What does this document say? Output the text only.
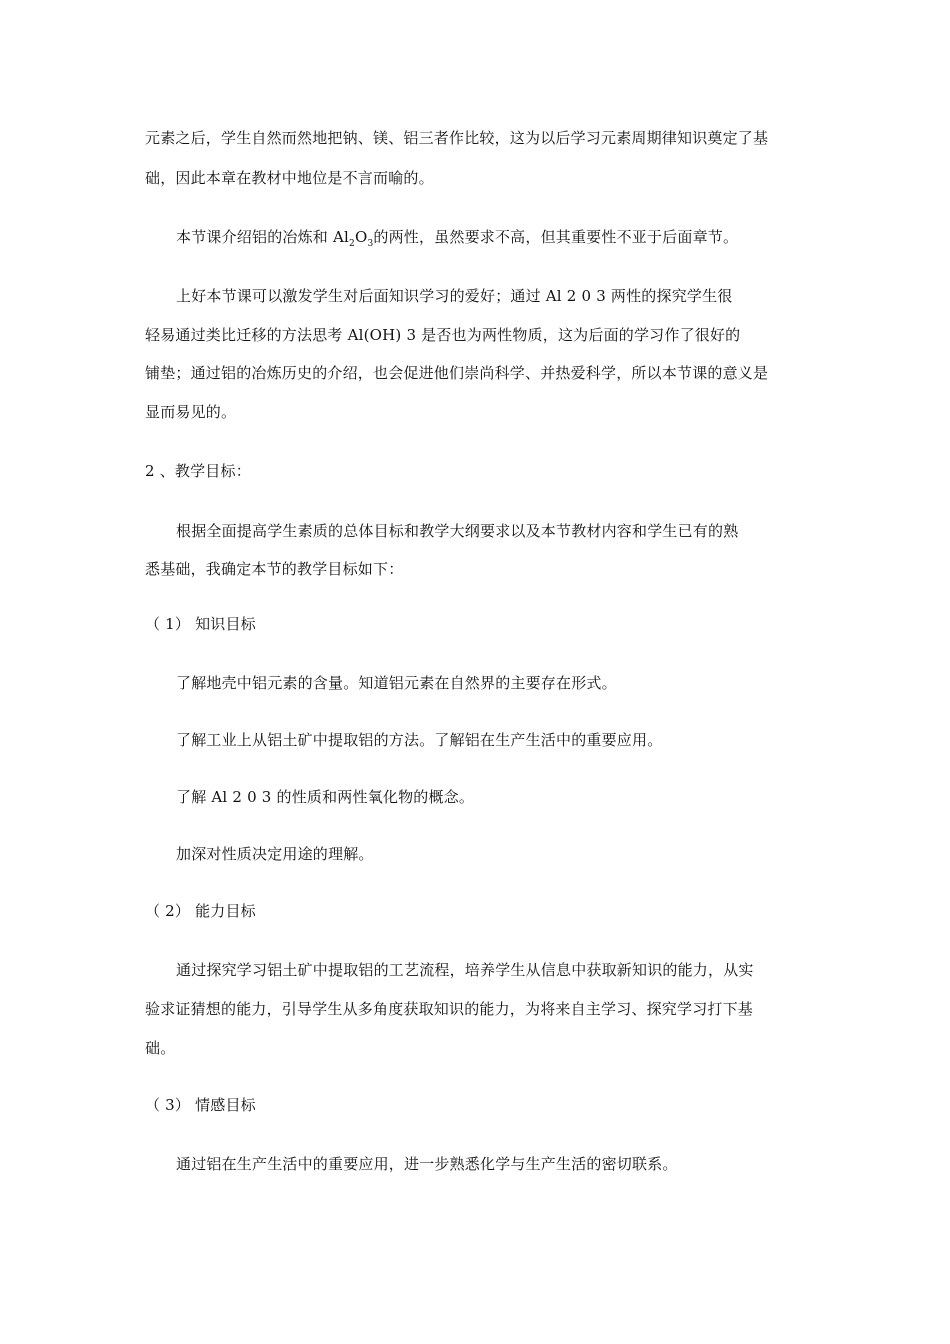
元素之后，学生自然而然地把钠、镁、铝三者作比较，这为以后学习元素周期律知识奠定了基
础，因此本章在教材中地位是不言而喻的。
本节课介绍铝的冶炼和 $Al_2O_3$的两性，虽然要求不高，但其重要性不亚于后面章节。
上好本节课可以激发学生对后面知识学习的爱好；通过 Al 2 0 3 两性的探究学生很
轻易通过类比迁移的方法思考 Al(OH) 3 是否也为两性物质，这为后面的学习作了很好的
铺垫；通过铝的冶炼历史的介绍，也会促进他们崇尚科学、并热爱科学，所以本节课的意义是
显而易见的。
2 、教学目标：
根据全面提高学生素质的总体目标和教学大纲要求以及本节教材内容和学生已有的熟
悉基础，我确定本节的教学目标如下：
（ 1） 知识目标
了解地壳中铝元素的含量。知道铝元素在自然界的主要存在形式。
了解工业上从铝土矿中提取铝的方法。了解铝在生产生活中的重要应用。
了解 Al 2 0 3 的性质和两性氧化物的概念。
加深对性质决定用途的理解。
（ 2） 能力目标
通过探究学习铝土矿中提取铝的工艺流程，培养学生从信息中获取新知识的能力，从实
验求证猜想的能力，引导学生从多角度获取知识的能力，为将来自主学习、探究学习打下基
础。
（ 3） 情感目标
通过铝在生产生活中的重要应用，进一步熟悉化学与生产生活的密切联系。
